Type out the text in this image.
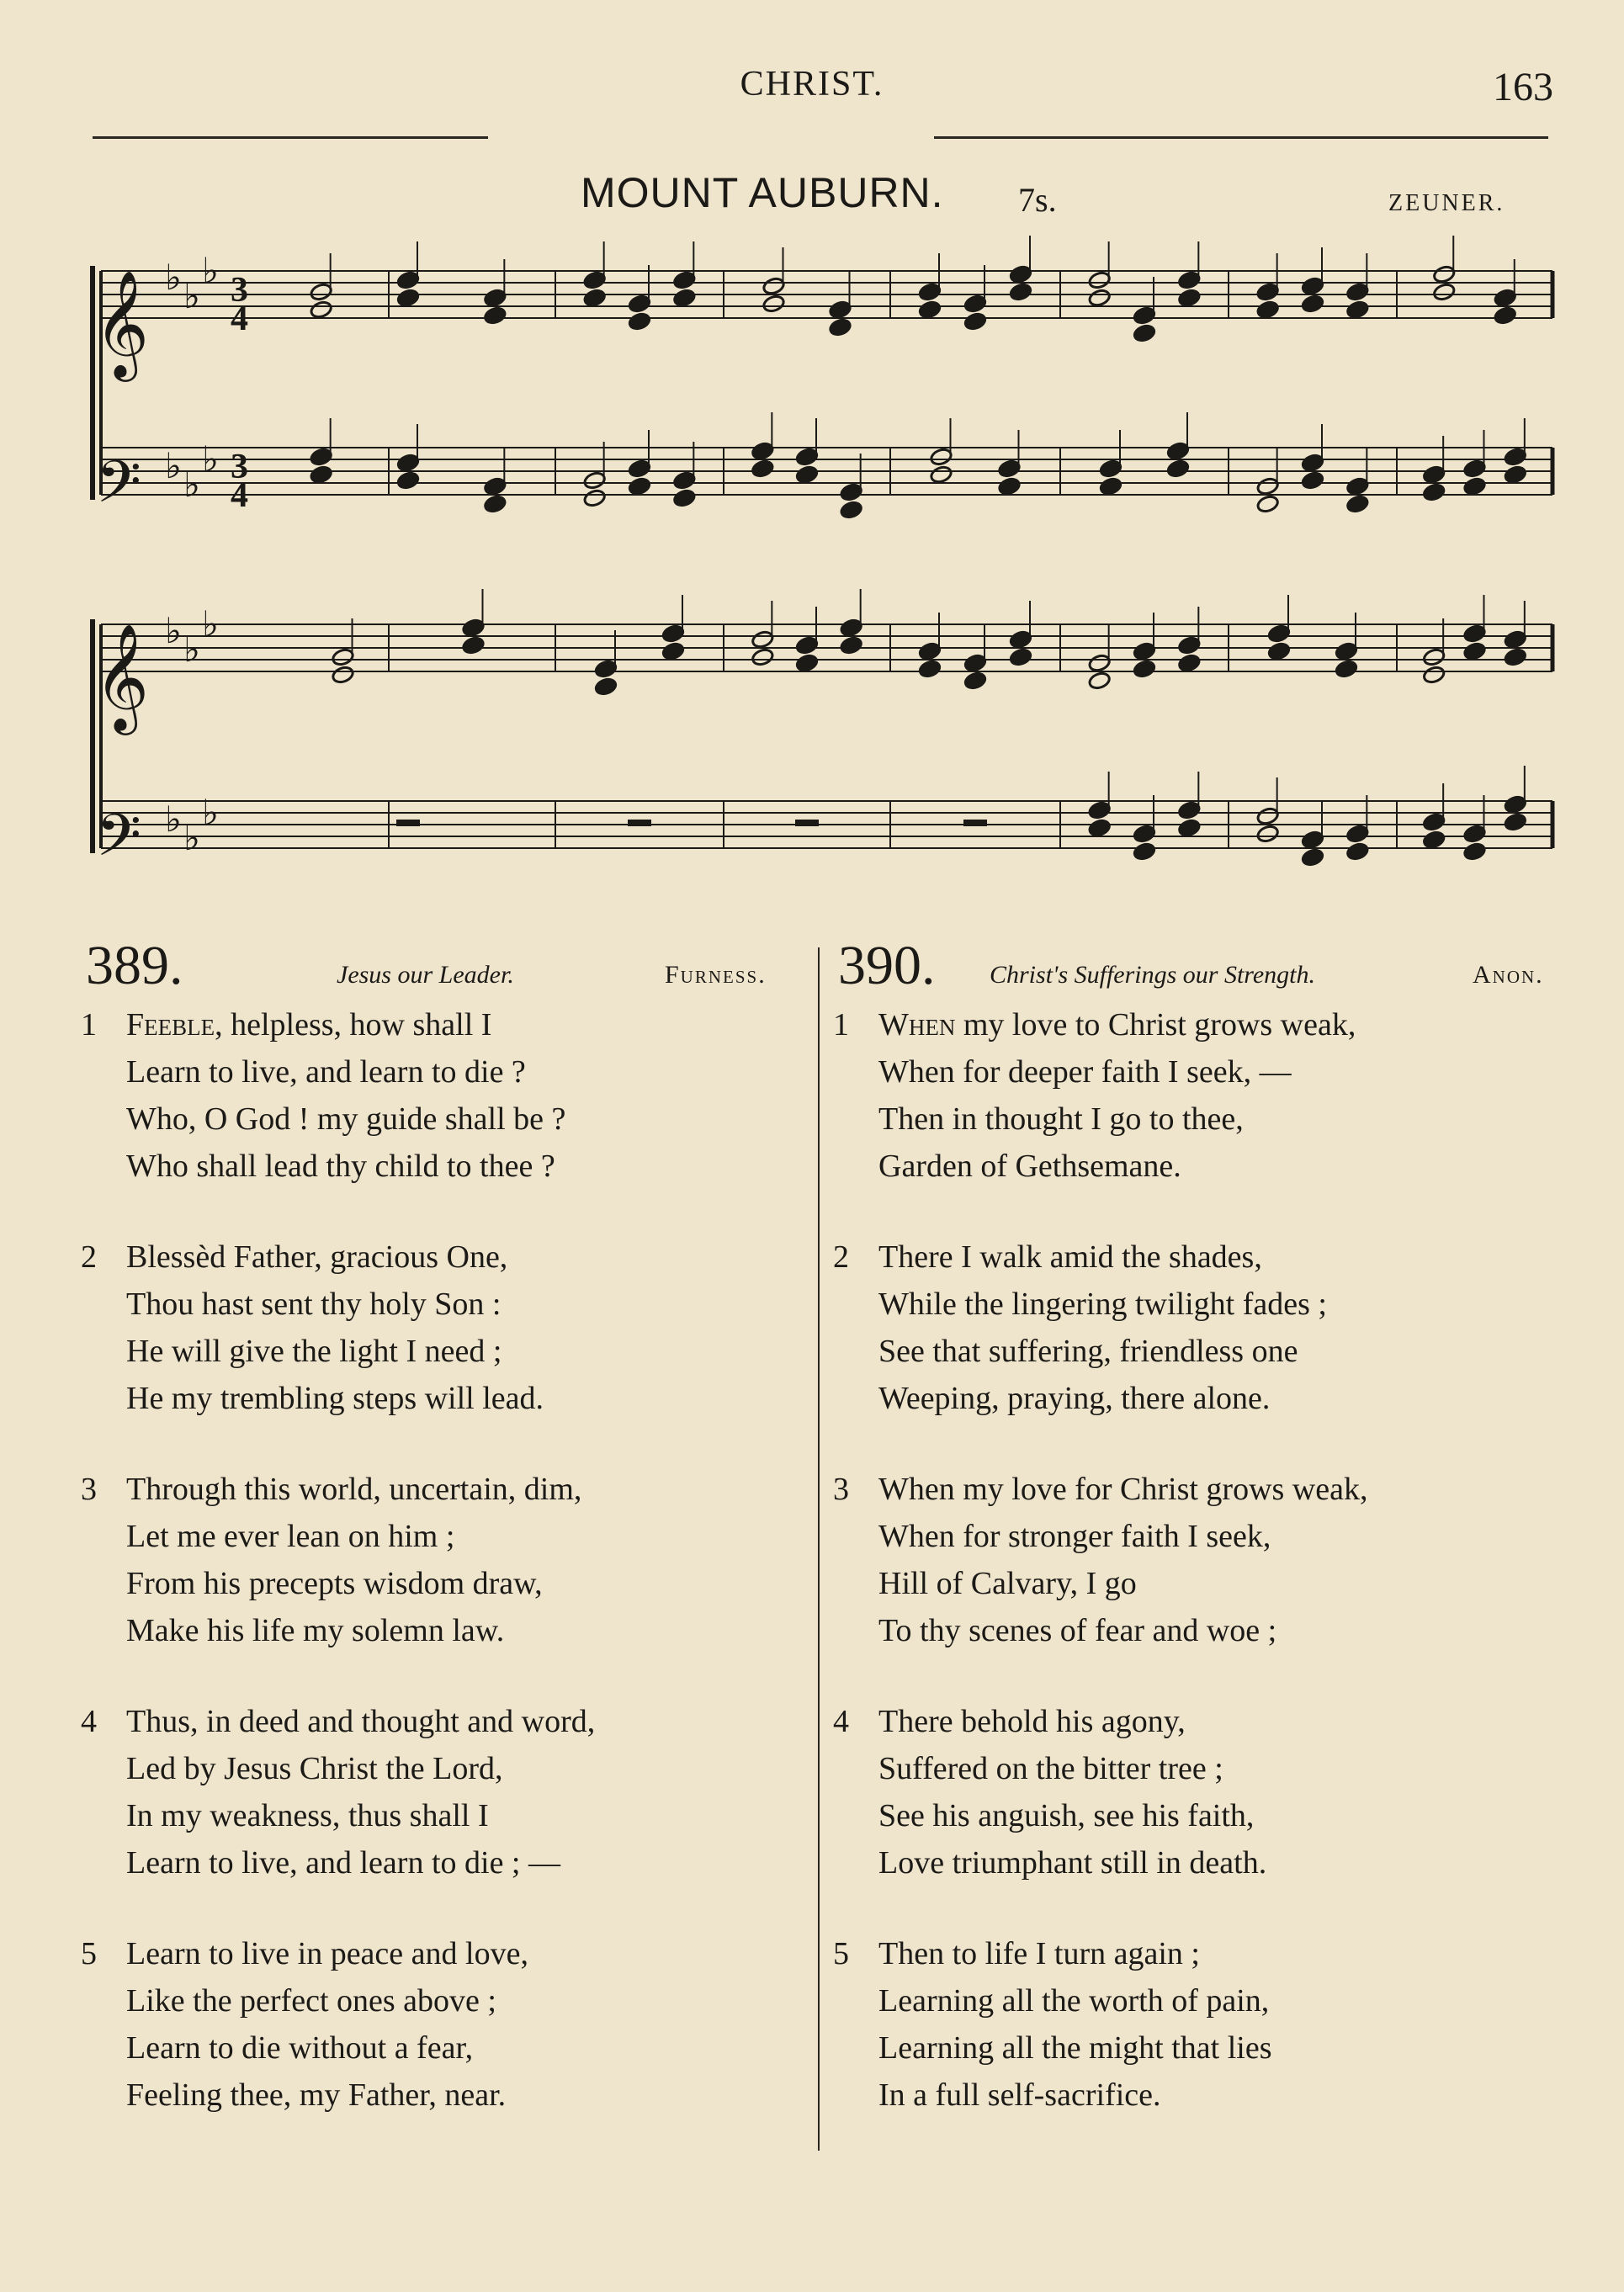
CHRIST.	163
MOUNT AUBURN. 7s.	ZEUNER.
♭ ♭
♭
♭ ♭
♭
♭ ♭
♭
♭ ♭
♭
𝄞
𝄢
𝄞
𝄢
3
4
3
4
389.	Jesus our Leader.	Furness.
1 Feeble, helpless, how shall I
Learn to live, and learn to die ?
Who, O God ! my guide shall be ?
Who shall lead thy child to thee ?
2 Blessèd Father, gracious One,
Thou hast sent thy holy Son :
He will give the light I need ;
He my trembling steps will lead.
3 Through this world, uncertain, dim,
Let me ever lean on him ;
From his precepts wisdom draw,
Make his life my solemn law.
4 Thus, in deed and thought and word,
Led by Jesus Christ the Lord,
In my weakness, thus shall I
Learn to live, and learn to die ; —
5 Learn to live in peace and love,
Like the perfect ones above ;
Learn to die without a fear,
Feeling thee, my Father, near.
390. Christ's Sufferings our Strength.	Anon.
1 When my love to Christ grows weak,
When for deeper faith I seek, —
Then in thought I go to thee,
Garden of Gethsemane.
2 There I walk amid the shades,
While the lingering twilight fades ;
See that suffering, friendless one
Weeping, praying, there alone.
3 When my love for Christ grows weak,
When for stronger faith I seek,
Hill of Calvary, I go
To thy scenes of fear and woe ;
4 There behold his agony,
Suffered on the bitter tree ;
See his anguish, see his faith,
Love triumphant still in death.
5 Then to life I turn again ;
Learning all the worth of pain,
Learning all the might that lies
In a full self-sacrifice.
